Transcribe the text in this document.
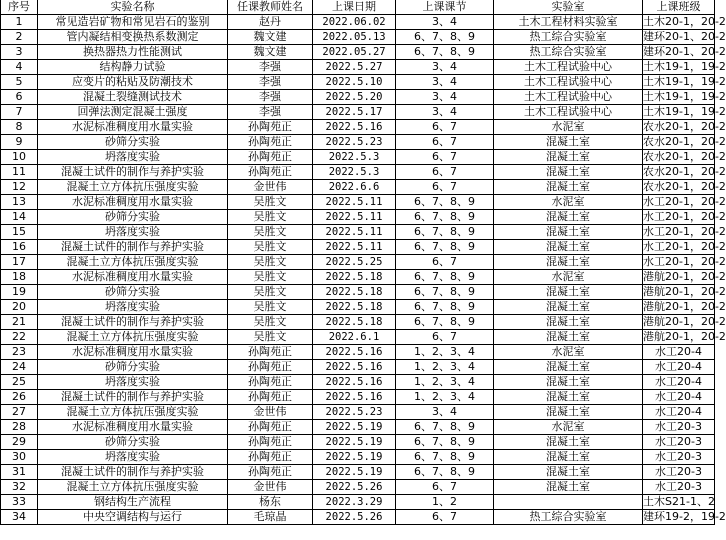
序号	实验名称	任课教师姓名	上课日期	上课课节	实验室	上课班级
1	常见造岩矿物和常见岩石的鉴别	赵丹	2022.06.02	3、4	土木工程材料实验室	土木20-1，20-2
2	管内凝结相变换热系数测定	魏文建	2022.05.13	6、7、8、9	热工综合实验室	建环20-1、20-2
3	换热器热力性能测试	魏文建	2022.05.27	6、7、8、9	热工综合实验室	建环20-1、20-2
4	结构静力试验	李强	2022.5.27	3、4	土木工程试验中心	土木19-1，19-2
5	应变片的粘贴及防潮技术	李强	2022.5.10	3、4	土木工程试验中心	土木19-1，19-2
6	混凝土裂缝测试技术	李强	2022.5.20	3、4	土木工程试验中心	土木19-1，19-2
7	回弹法测定混凝土强度	李强	2022.5.17	3、4	土木工程试验中心	土木19-1，19-2
8	水泥标准稠度用水量实验	孙陶苑正	2022.5.16	6、7	水泥室	农水20-1，20-2
9	砂筛分实验	孙陶苑正	2022.5.23	6、7	混凝土室	农水20-1，20-2
10	坍落度实验	孙陶苑正	2022.5.3	6、7	混凝土室	农水20-1，20-2
11	混凝土试件的制作与养护实验	孙陶苑正	2022.5.3	6、7	混凝土室	农水20-1，20-2
12	混凝土立方体抗压强度实验	金世伟	2022.6.6	6、7	混凝土室	农水20-1，20-2
13	水泥标准稠度用水量实验	吴胜文	2022.5.11	6、7、8、9	水泥室	水工20-1，20-2
14	砂筛分实验	吴胜文	2022.5.11	6、7、8、9	混凝土室	水工20-1，20-2
15	坍落度实验	吴胜文	2022.5.11	6、7、8、9	混凝土室	水工20-1，20-2
16	混凝土试件的制作与养护实验	吴胜文	2022.5.11	6、7、8、9	混凝土室	水工20-1，20-2
17	混凝土立方体抗压强度实验	吴胜文	2022.5.25	6、7	混凝土室	水工20-1，20-2
18	水泥标准稠度用水量实验	吴胜文	2022.5.18	6、7、8、9	水泥室	港航20-1，20-2
19	砂筛分实验	吴胜文	2022.5.18	6、7、8、9	混凝土室	港航20-1，20-2
20	坍落度实验	吴胜文	2022.5.18	6、7、8、9	混凝土室	港航20-1，20-2
21	混凝土试件的制作与养护实验	吴胜文	2022.5.18	6、7、8、9	混凝土室	港航20-1，20-2
22	混凝土立方体抗压强度实验	吴胜文	2022.6.1	6、7	混凝土室	港航20-1，20-2
23	水泥标准稠度用水量实验	孙陶苑正	2022.5.16	1、2、3、4	水泥室	水工20-4
24	砂筛分实验	孙陶苑正	2022.5.16	1、2、3、4	混凝土室	水工20-4
25	坍落度实验	孙陶苑正	2022.5.16	1、2、3、4	混凝土室	水工20-4
26	混凝土试件的制作与养护实验	孙陶苑正	2022.5.16	1、2、3、4	混凝土室	水工20-4
27	混凝土立方体抗压强度实验	金世伟	2022.5.23	3、4	混凝土室	水工20-4
28	水泥标准稠度用水量实验	孙陶苑正	2022.5.19	6、7、8、9	水泥室	水工20-3
29	砂筛分实验	孙陶苑正	2022.5.19	6、7、8、9	混凝土室	水工20-3
30	坍落度实验	孙陶苑正	2022.5.19	6、7、8、9	混凝土室	水工20-3
31	混凝土试件的制作与养护实验	孙陶苑正	2022.5.19	6、7、8、9	混凝土室	水工20-3
32	混凝土立方体抗压强度实验	金世伟	2022.5.26	6、7	混凝土室	水工20-3
33	钢结构生产流程	杨东	2022.3.29	1、2		土木S21-1、2
34	中央空调结构与运行	毛琼晶	2022.5.26	6、7	热工综合实验室	建环19-2，19-2
